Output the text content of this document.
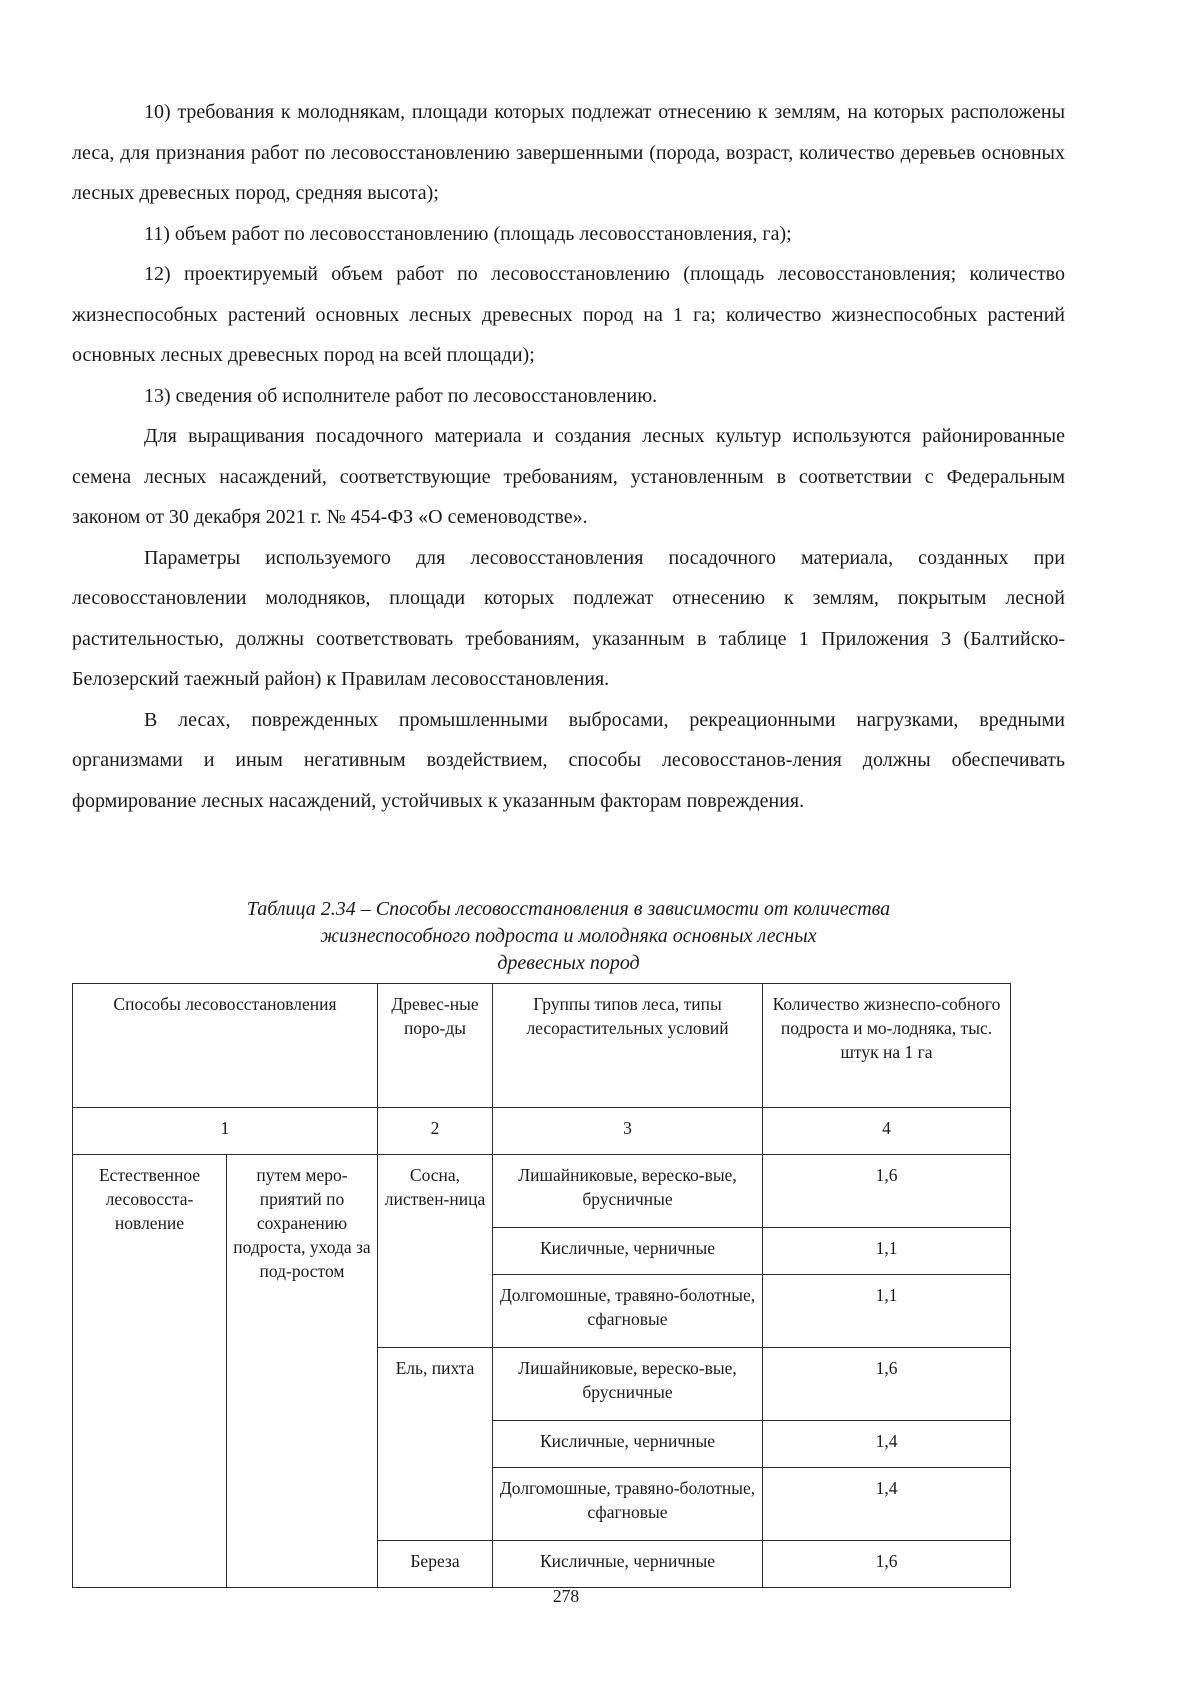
10) требования к молоднякам, площади которых подлежат отнесению к землям, на которых расположены леса, для признания работ по лесовосстановлению завершенными (порода, возраст, количество деревьев основных лесных древесных пород, средняя высота);

11) объем работ по лесовосстановлению (площадь лесовосстановления, га);

12) проектируемый объем работ по лесовосстановлению (площадь лесовосстановления; количество жизнеспособных растений основных лесных древесных пород на 1 га; количество жизнеспособных растений основных лесных древесных пород на всей площади);

13) сведения об исполнителе работ по лесовосстановлению.

Для выращивания посадочного материала и создания лесных культур используются районированные семена лесных насаждений, соответствующие требованиям, установленным в соответствии с Федеральным законом от 30 декабря 2021 г. № 454-ФЗ «О семеноводстве».

Параметры используемого для лесовосстановления посадочного материала, созданных при лесовосстановлении молодняков, площади которых подлежат отнесению к землям, покрытым лесной растительностью, должны соответствовать требованиям, указанным в таблице 1 Приложения 3 (Балтийско-Белозерский таежный район) к Правилам лесовосстановления.

В лесах, поврежденных промышленными выбросами, рекреационными нагрузками, вредными организмами и иным негативным воздействием, способы лесовосстанов-ления должны обеспечивать формирование лесных насаждений, устойчивых к указанным факторам повреждения.

Таблица 2.34 – Способы лесовосстановления в зависимости от количества
жизнеспособного подроста и молодняка основных лесных
древесных пород
Способы лесовосстановления		Древес-ные поро-ды	Группы типов леса, типы лесорастительных условий	Количество жизнеспо-собного подроста и мо-лодняка, тыс. штук на 1 га
1		2	3	4
Естественное лесовосста-новление	путем меро-приятий по сохранению подроста, ухода за под-ростом	Сосна, листвен-ница	Лишайниковые, вереско-вые, брусничные	1,6
			Кисличные, черничные	1,1
			Долгомошные, травяно-болотные, сфагновые	1,1
		Ель, пихта	Лишайниковые, вереско-вые, брусничные	1,6
			Кисличные, черничные	1,4
			Долгомошные, травяно-болотные, сфагновые	1,4
		Береза	Кисличные, черничные	1,6
278
